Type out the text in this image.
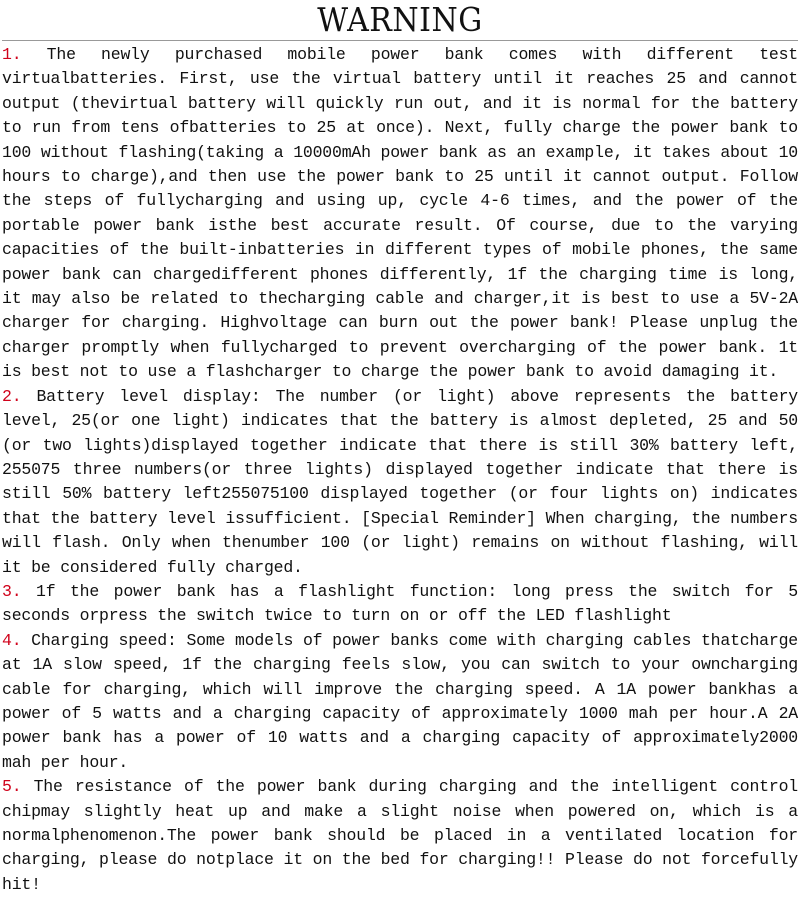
WARNING

1. The newly purchased mobile power bank comes with different test virtualbatteries. First, use the virtual battery until it reaches 25 and cannot output (thevirtual battery will quickly run out, and it is normal for the battery to run from tens ofbatteries to 25 at once). Next, fully charge the power bank to 100 without flashing(taking a 10000mAh power bank as an example, it takes about 10 hours to charge),and then use the power bank to 25 until it cannot output. Follow the steps of fullycharging and using up, cycle 4-6 times, and the power of the portable power bank isthe best accurate result. Of course, due to the varying capacities of the built-inbatteries in different types of mobile phones, the same power bank can chargedifferent phones differently, 1f the charging time is long, it may also be related to thecharging cable and charger,it is best to use a 5V-2A charger for charging. Highvoltage can burn out the power bank! Please unplug the charger promptly when fullycharged to prevent overcharging of the power bank. 1t is best not to use a flashcharger to charge the power bank to avoid damaging it.

2. Battery level display: The number (or light) above represents the battery level, 25(or one light) indicates that the battery is almost depleted, 25 and 50 (or two lights)displayed together indicate that there is still 30% battery left, 255075 three numbers(or three lights) displayed together indicate that there is still 50% battery left255075100 displayed together (or four lights on) indicates that the battery level issufficient. [Special Reminder] When charging, the numbers will flash. Only when thenumber 100 (or light) remains on without flashing, will it be considered fully charged.

3. 1f the power bank has a flashlight function: long press the switch for 5 seconds orpress the switch twice to turn on or off the LED flashlight

4. Charging speed: Some models of power banks come with charging cables thatcharge at 1A slow speed, 1f the charging feels slow, you can switch to your owncharging cable for charging, which will improve the charging speed. A 1A power bankhas a power of 5 watts and a charging capacity of approximately 1000 mah per hour.A 2A power bank has a power of 10 watts and a charging capacity of approximately2000 mah per hour.

5. The resistance of the power bank during charging and the intelligent control chipmay slightly heat up and make a slight noise when powered on, which is a normalphenomenon.The power bank should be placed in a ventilated location for charging, please do notplace it on the bed for charging!! Please do not forcefully hit!
